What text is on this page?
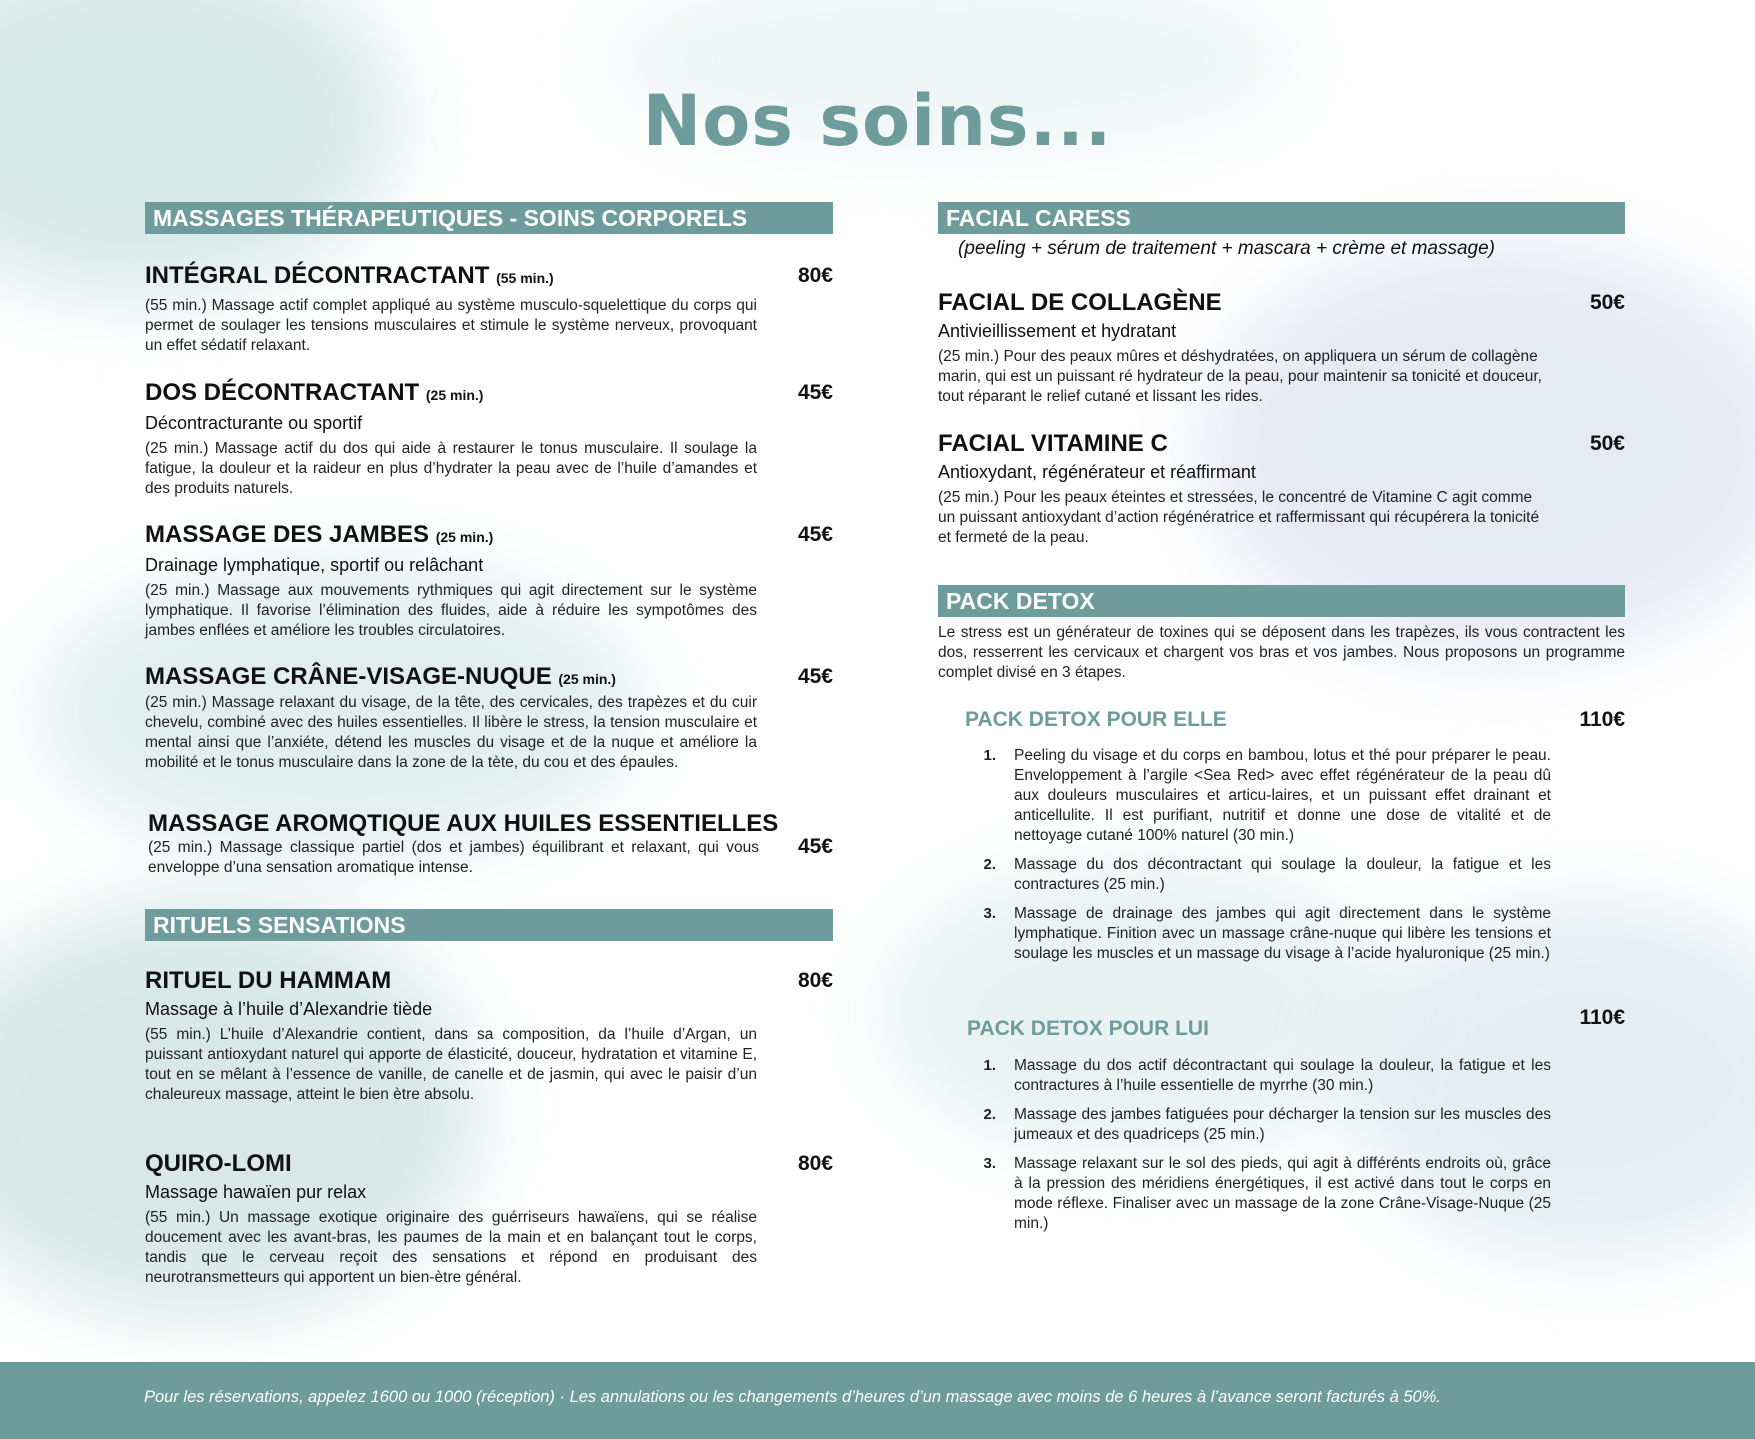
Nos soins...
MASSAGES THÉRAPEUTIQUES - SOINS CORPORELS
INTÉGRAL DÉCONTRACTANT (55 min.)
(55 min.) Massage actif complet appliqué au système musculo-squelettique du corps qui permet de soulager les tensions musculaires et stimule le système nerveux, provoquant un effet sédatif relaxant.
80€
DOS DÉCONTRACTANT (25 min.)
Décontracturante ou sportif
(25 min.) Massage actif du dos qui aide à restaurer le tonus musculaire. Il soulage la fatigue, la douleur et la raideur en plus d’hydrater la peau avec de l’huile d’amandes et des produits naturels.
45€
MASSAGE DES JAMBES (25 min.)
Drainage lymphatique, sportif ou relâchant
(25 min.) Massage aux mouvements rythmiques qui agit directement sur le système lymphatique. Il favorise l’élimination des fluides, aide à réduire les sympotômes des jambes enflées et améliore les troubles circulatoires.
45€
MASSAGE CRÂNE-VISAGE-NUQUE (25 min.)
(25 min.) Massage relaxant du visage, de la tête, des cervicales, des trapèzes et du cuir chevelu, combiné avec des huiles essentielles. Il libère le stress, la tension musculaire et mental ainsi que l’anxiéte, détend les muscles du visage et de la nuque et améliore la mobilité et le tonus musculaire dans la zone de la tète, du cou et des épaules.
45€
MASSAGE AROMQTIQUE AUX HUILES ESSENTIELLES
(25 min.) Massage classique partiel (dos et jambes) équilibrant et relaxant, qui vous enveloppe d’una sensation aromatique intense.
45€
RITUELS SENSATIONS
RITUEL DU HAMMAM
Massage à l’huile d’Alexandrie tiède
(55 min.) L’huile d’Alexandrie contient, dans sa composition, da l’huile d’Argan, un puissant antioxydant naturel qui apporte de élasticité, douceur, hydratation et vitamine E, tout en se mêlant à l’essence de vanille, de canelle et de jasmin, qui avec le paisir d’un chaleureux massage, atteint le bien ètre absolu.
80€
QUIRO-LOMI
Massage hawaïen pur relax
(55 min.) Un massage exotique originaire des guérriseurs hawaïens, qui se réalise doucement avec les avant-bras, les paumes de la main et en balançant tout le corps, tandis que le cerveau reçoit des sensations et répond en produisant des neurotransmetteurs qui apportent un bien-ètre général.
80€
FACIAL CARESS
(peeling + sérum de traitement + mascara + crème et massage)
FACIAL DE COLLAGÈNE
Antivieillissement et hydratant
(25 min.) Pour des peaux mûres et déshydratées, on appliquera un sérum de collagène marin, qui est un puissant ré hydrateur de la peau, pour maintenir sa tonicité et douceur, tout réparant le relief cutané et lissant les rides.
50€
FACIAL VITAMINE C
Antioxydant, régénérateur et réaffirmant
(25 min.) Pour les peaux éteintes et stressées, le concentré de Vitamine C agit comme un puissant antioxydant d’action régénératrice et raffermissant qui récupérera la tonicité et fermeté de la peau.
50€
PACK DETOX
Le stress est un générateur de toxines qui se déposent dans les trapèzes, ils vous contractent les dos, resserrent les cervicaux et chargent vos bras et vos jambes. Nous proposons un programme complet divisé en 3 étapes.
PACK DETOX POUR ELLE	110€
1. Peeling du visage et du corps en bambou, lotus et thé pour préparer le peau. Enveloppement à l’argile <Sea Red> avec effet régénérateur de la peau dû aux douleurs musculaires et articu-laires, et un puissant effet drainant et anticellulite. Il est purifiant, nutritif et donne une dose de vitalité et de nettoyage cutané 100% naturel (30 min.)
2. Massage du dos décontractant qui soulage la douleur, la fatigue et les contractures (25 min.)
3. Massage de drainage des jambes qui agit directement dans le système lymphatique. Finition avec un massage crâne-nuque qui libère les tensions et soulage les muscles et un massage du visage à l’acide hyaluronique (25 min.)
PACK DETOX POUR LUI	110€
1. Massage du dos actif décontractant qui soulage la douleur, la fatigue et les contractures à l’huile essentielle de myrrhe (30 min.)
2. Massage des jambes fatiguées pour décharger la tension sur les muscles des jumeaux et des quadriceps (25 min.)
3. Massage relaxant sur le sol des pieds, qui agit à différénts endroits où, grâce à la pression des méridiens énergétiques, il est activé dans tout le corps en mode réflexe. Finaliser avec un massage de la zone Crâne-Visage-Nuque (25 min.)
Pour les réservations, appelez 1600 ou 1000 (réception) · Les annulations ou les changements d’heures d’un massage avec moins de 6 heures à l’avance seront facturés à 50%.
